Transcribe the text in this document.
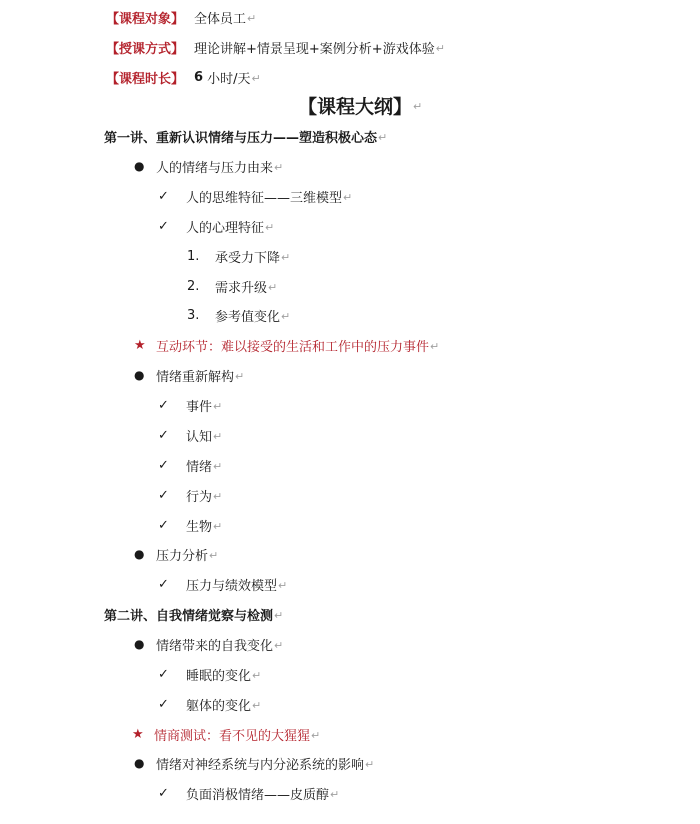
【课程对象】 全体员工 ↵
【授课方式】 理论讲解+情景呈现+案例分析+游戏体验 ↵
【课程时长】 6 小时/天 ↵
【课程大纲】 ↵
第一讲、重新认识情绪与压力——塑造积极心态 ↵
● 人的情绪与压力由来 ↵
✓	人的思维特征——三维模型 ↵
✓	人的心理特征 ↵
1.	承受力下降 ↵
2.	需求升级 ↵
3.	参考值变化 ↵
★ 互动环节：难以接受的生活和工作中的压力事件 ↵
● 情绪重新解构 ↵
✓	事件 ↵
✓	认知 ↵
✓	情绪 ↵
✓	行为 ↵
✓	生物 ↵
● 压力分析 ↵
✓	压力与绩效模型 ↵
第二讲、自我情绪觉察与检测 ↵
● 情绪带来的自我变化 ↵
✓	睡眠的变化 ↵
✓	躯体的变化 ↵
★ 情商测试：看不见的大猩猩 ↵
● 情绪对神经系统与内分泌系统的影响 ↵
✓	负面消极情绪——皮质醇 ↵
